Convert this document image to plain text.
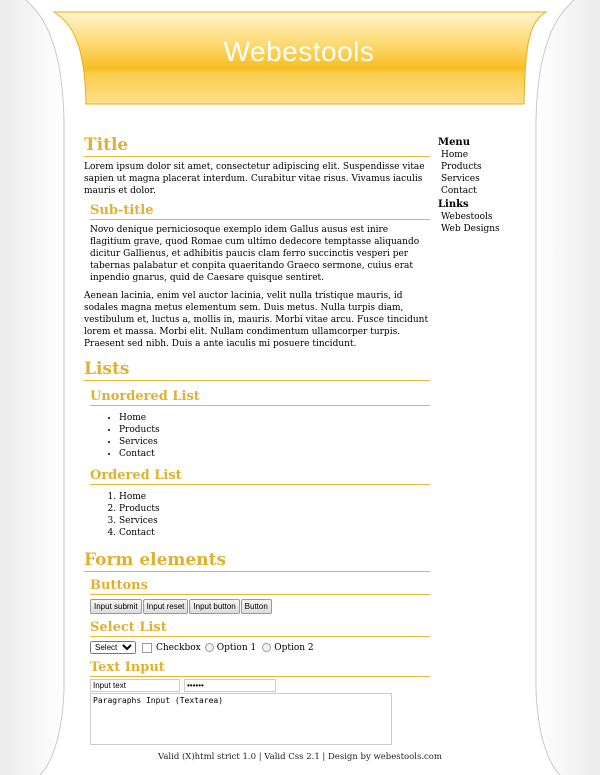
Webestools
Title

Lorem ipsum dolor sit amet, consectetur adipiscing elit. Suspendisse vitae sapien ut magna placerat interdum. Curabitur vitae risus. Vivamus iaculis mauris et dolor.

Sub-title

Novo denique perniciosoque exemplo idem Gallus ausus est inire flagitium grave, quod Romae cum ultimo dedecore temptasse aliquando dicitur Gallienus, et adhibitis paucis clam ferro succinctis vesperi per tabernas palabatur et conpita quaeritando Graeco sermone, cuius erat inpendio gnarus, quid de Caesare quisque sentiret.

Aenean lacinia, enim vel auctor lacinia, velit nulla tristique mauris, id sodales magna metus elementum sem. Duis metus. Nulla turpis diam, vestibulum et, luctus a, mollis in, mauris. Morbi vitae arcu. Fusce tincidunt lorem et massa. Morbi elit. Nullam condimentum ullamcorper turpis. Praesent sed nibh. Duis a ante iaculis mi posuere tincidunt.

Lists
Unordered List
• Home
• Products
• Services
• Contact
Ordered List
1. Home
2. Products
3. Services
4. Contact
Form elements
Buttons
Input submit	Input reset	Input button	Button
Select List
Select
Checkbox Option 1 Option 2
Text Input
Input text
••••••
Paragraphs Input (Textarea)
Menu
Home
Products
Services
Contact
Links
Webestools
Web Designs
Valid (X)html strict 1.0 | Valid Css 2.1 | Design by webestools.com
